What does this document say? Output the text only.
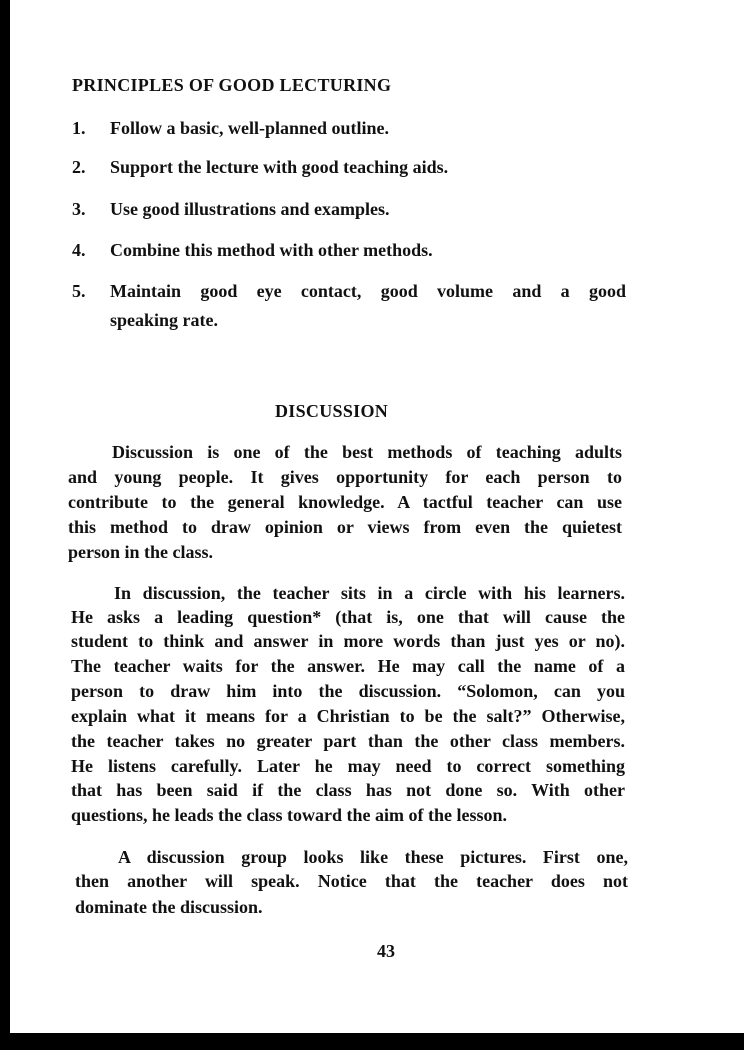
PRINCIPLES OF GOOD LECTURING
1. Follow a basic, well-planned outline.
2. Support the lecture with good teaching aids.
3. Use good illustrations and examples.
4. Combine this method with other methods.
5. Maintain good eye contact, good volume and a good
speaking rate.
DISCUSSION
Discussion is one of the best methods of teaching adults
and young people. It gives opportunity for each person to
contribute to the general knowledge. A tactful teacher can use
this method to draw opinion or views from even the quietest
person in the class.
In discussion, the teacher sits in a circle with his learners.
He asks a leading question* (that is, one that will cause the
student to think and answer in more words than just yes or no).
The teacher waits for the answer. He may call the name of a
person to draw him into the discussion. “Solomon, can you
explain what it means for a Christian to be the salt?” Otherwise,
the teacher takes no greater part than the other class members.
He listens carefully. Later he may need to correct something
that has been said if the class has not done so. With other
questions, he leads the class toward the aim of the lesson.
A discussion group looks like these pictures. First one,
then another will speak. Notice that the teacher does not
dominate the discussion.
43
